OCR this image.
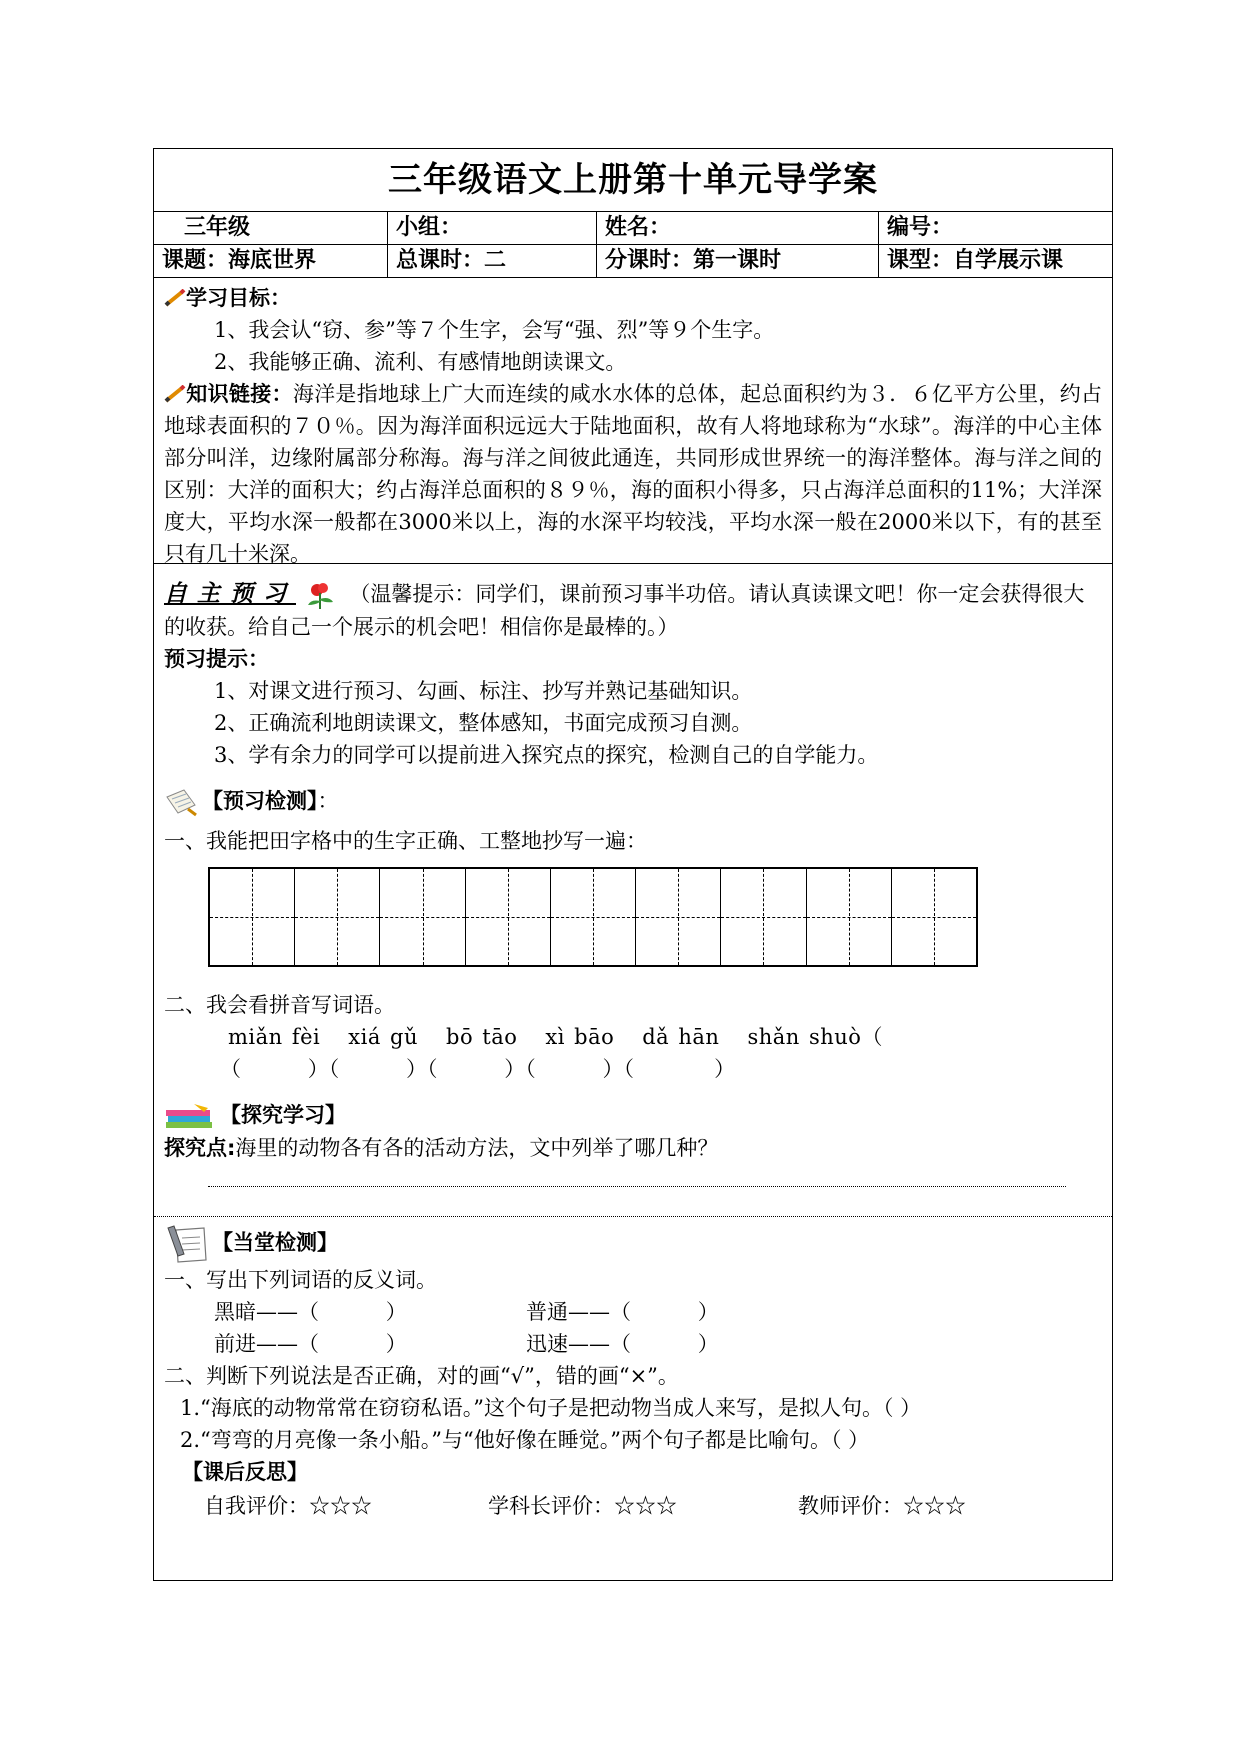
三年级语文上册第十单元导学案
三年级	小组：	姓名：	编号：
课题：海底世界	总课时：二	分课时：第一课时	课型：自学展示课
学习目标：
1、我会认“窃、参”等７个生字，会写“强、烈”等９个生字。
2、我能够正确、流利、有感情地朗读课文。
知识链接：海洋是指地球上广大而连续的咸水水体的总体，起总面积约为３．６亿平方公里，约占地球表面积的７０％。因为海洋面积远远大于陆地面积，故有人将地球称为“水球”。海洋的中心主体部分叫洋，边缘附属部分称海。海与洋之间彼此通连，共同形成世界统一的海洋整体。海与洋之间的区别：大洋的面积大；约占海洋总面积的８９％，海的面积小得多，只占海洋总面积的11%；大洋深度大，平均水深一般都在3000米以上，海的水深平均较浅，平均水深一般在2000米以下，有的甚至只有几十米深。
自主预习	（温馨提示：同学们，课前预习事半功倍。请认真读课文吧！你一定会获得很大的收获。给自己一个展示的机会吧！相信你是最棒的。）
预习提示：
1、对课文进行预习、勾画、标注、抄写并熟记基础知识。
2、正确流利地朗读课文，整体感知，书面完成预习自测。
3、学有余力的同学可以提前进入探究点的探究，检测自己的自学能力。
【预习检测】：
一、我能把田字格中的生字正确、工整地抄写一遍：
二、我会看拼音写词语。
miǎn fèi xiá gǔ bō tāo xì bāo dǎ hān shǎn shuò（
（          ）（          ）（          ）（          ）（            ）
【探究学习】
探究点:海里的动物各有各的活动方法，文中列举了哪几种？
【当堂检测】
一、写出下列词语的反义词。
黑暗——（          ）	普通——（          ）
前进——（          ）	迅速——（          ）
二、判断下列说法是否正确，对的画“√”，错的画“×”。
1.“海底的动物常常在窃窃私语。”这个句子是把动物当成人来写，是拟人句。（ ）
2.“弯弯的月亮像一条小船。”与“他好像在睡觉。”两个句子都是比喻句。（ ）
【课后反思】
自我评价：☆☆☆	学科长评价：☆☆☆	教师评价：☆☆☆
